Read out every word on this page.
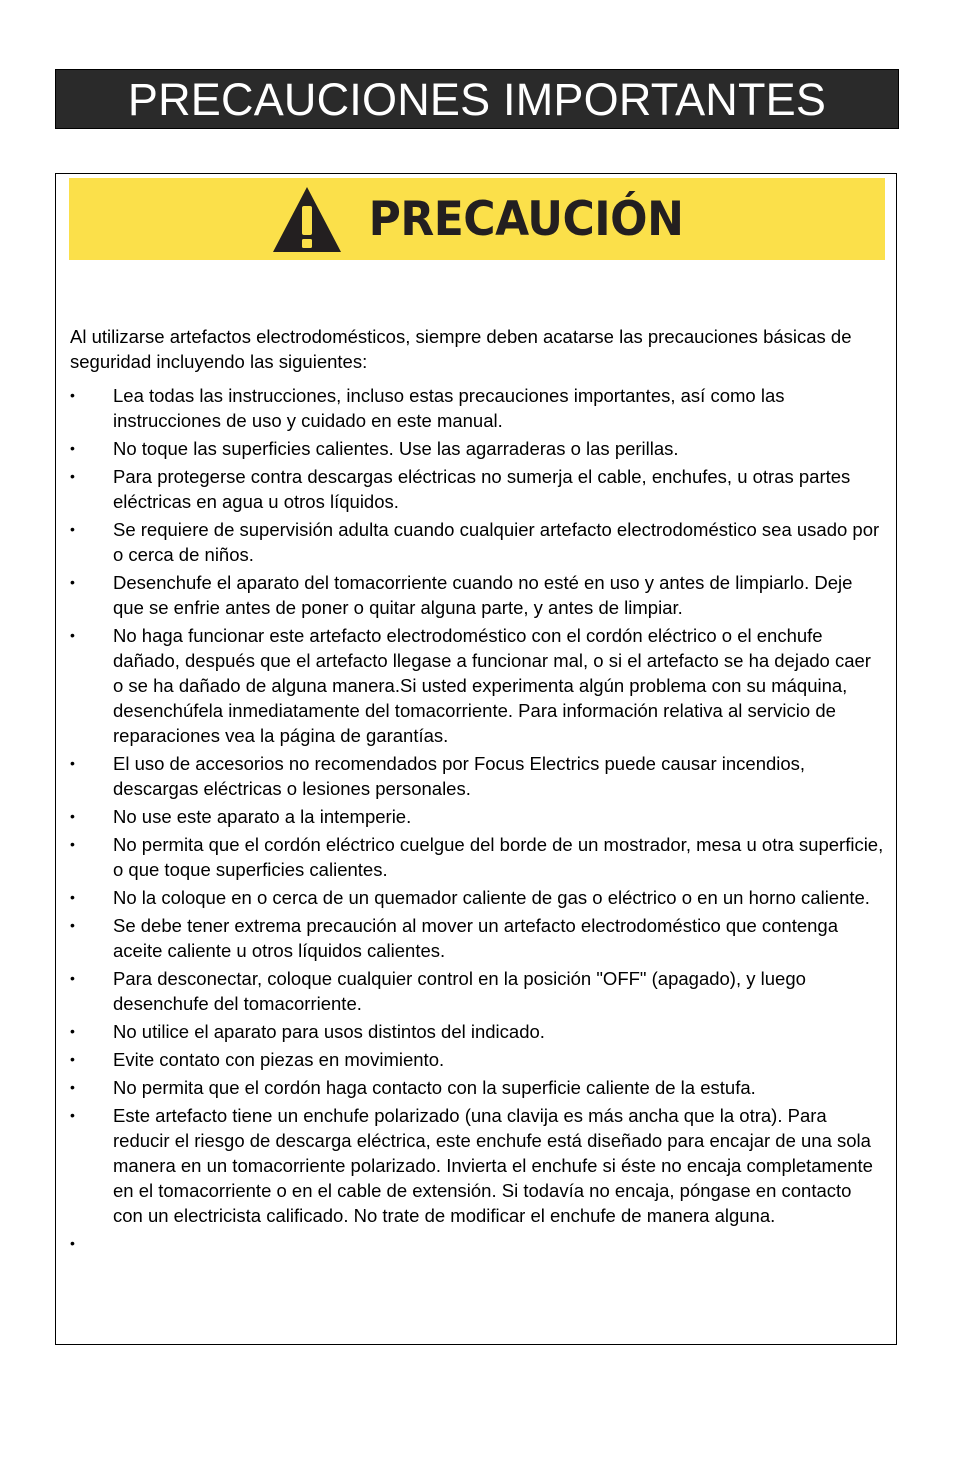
PRECAUCIONES IMPORTANTES
PRECAUCIÓN
Al utilizarse artefactos electrodomésticos, siempre deben acatarse las precauciones básicas de seguridad incluyendo las siguientes:
• Lea todas las instrucciones, incluso estas precauciones importantes, así como las instrucciones de uso y cuidado en este manual.
• No toque las superficies calientes. Use las agarraderas o las perillas.
• Para protegerse contra descargas eléctricas no sumerja el cable, enchufes, u otras partes eléctricas en agua u otros líquidos.
• Se requiere de supervisión adulta cuando cualquier artefacto electrodoméstico sea usado por o cerca de niños.
• Desenchufe el aparato del tomacorriente cuando no esté en uso y antes de limpiarlo. Deje que se enfrie antes de poner o quitar alguna parte, y antes de limpiar.
• No haga funcionar este artefacto electrodoméstico con el cordón eléctrico o el enchufe dañado, después que el artefacto llegase a funcionar mal, o si el artefacto se ha dejado caer o se ha dañado de alguna manera.Si usted experimenta algún problema con su máquina, desenchúfela inmediatamente del tomacorriente. Para información relativa al servicio de reparaciones vea la página de garantías.
• El uso de accesorios no recomendados por Focus Electrics puede causar incendios, descargas eléctricas o lesiones personales.
• No use este aparato a la intemperie.
• No permita que el cordón eléctrico cuelgue del borde de un mostrador, mesa u otra superficie, o que toque superficies calientes.
• No la coloque en o cerca de un quemador caliente de gas o eléctrico o en un horno caliente.
• Se debe tener extrema precaución al mover un artefacto electrodoméstico que contenga aceite caliente u otros líquidos calientes.
• Para desconectar, coloque cualquier control en la posición "OFF" (apagado), y luego desenchufe del tomacorriente.
• No utilice el aparato para usos distintos del indicado.
• Evite contato con piezas en movimiento.
• No permita que el cordón haga contacto con la superficie caliente de la estufa.
• Este artefacto tiene un enchufe polarizado (una clavija es más ancha que la otra). Para reducir el riesgo de descarga eléctrica, este enchufe está diseñado para encajar de una sola manera en un tomacorriente polarizado. Invierta el enchufe si éste no encaja completamente en el tomacorriente o en el cable de extensión. Si todavía no encaja, póngase en contacto con un electricista calificado. No trate de modificar el enchufe de manera alguna.
•
